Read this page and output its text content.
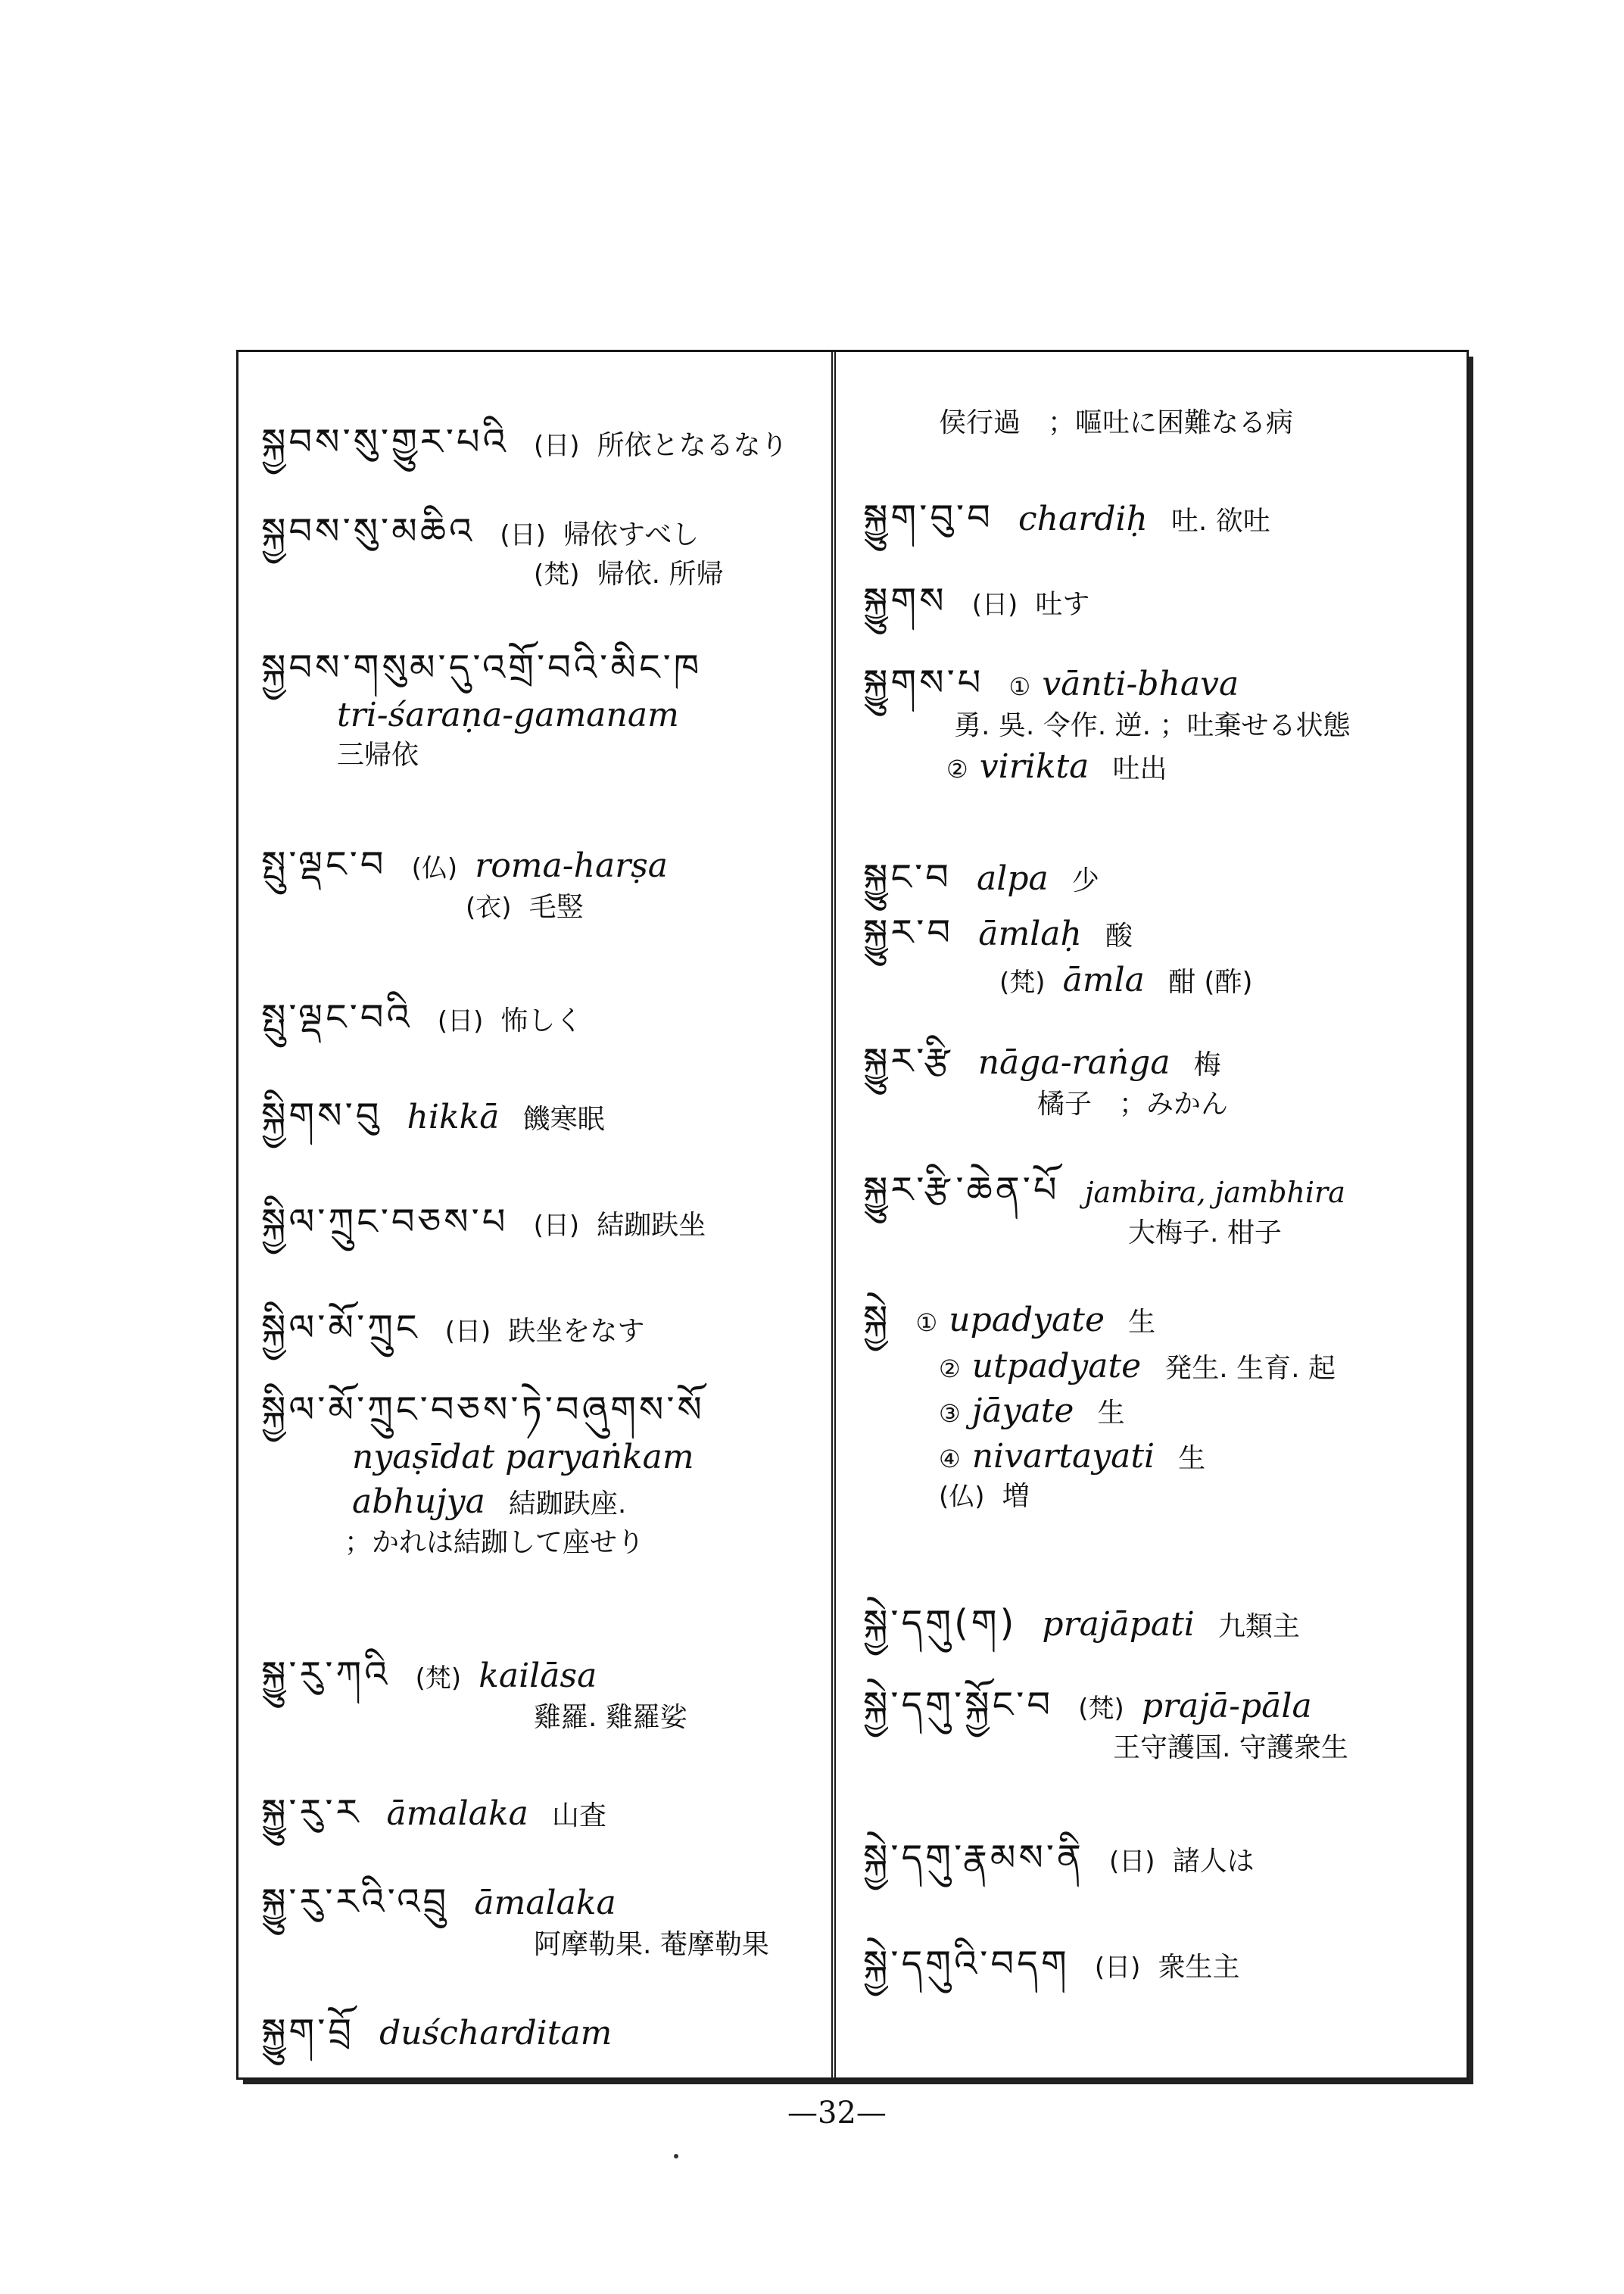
སྐྱབས་སུ་གྱུར་པའི (日) 所依となるなり
སྐྱབས་སུ་མཆིའ (日) 帰依すべし
(梵) 帰依. 所帰
སྐྱབས་གསུམ་དུ་འགྲོ་བའི་མིང་ཁ
tri-śaraṇa-gamanam
三帰依
སྤུ་ལྡང་བ (仏) roma-harṣa
(衣) 毛竪
སྤུ་ལྡང་བའི (日) 怖しく
སྐྱིགས་བུ hikkā 饑寒眠
སྐྱིལ་ཀྲུང་བཅས་པ (日) 結跏趺坐
སྐྱིལ་མོ་ཀྲུང (日) 趺坐をなす
སྐྱིལ་མོ་ཀྲུང་བཅས་ཏེ་བཞུགས་སོ
nyaṣīdat paryaṅkam
abhujya 結跏趺座.
；かれは結跏して座せり
སྐྱུ་རུ་ཀའི (梵) kailāsa
雞羅. 雞羅娑
སྐྱུ་རུ་ར āmalaka 山査
སྐྱུ་རུ་རའི་འབྲུ āmalaka
阿摩勒果. 菴摩勒果
སྐྱུག་བྲོ duścharditam
侯行過　；嘔吐に困難なる病
སྐྱུག་བུ་བ chardiḥ 吐. 欲吐
སྐྱུགས (日) 吐す
སྐྱུགས་པ ① vānti-bhava
勇. 吳. 令作. 逆. ；吐棄せる状態
② virikta 吐出
སྐྱུང་བ alpa 少
སྐྱུར་བ āmlaḥ 酸
(梵) āmla 酣 (酢)
སྐྱུར་རྩི nāga-raṅga 梅
橘子　；みかん
སྐྱུར་རྩི་ཆེན་པོ jambira, jambhira
大梅子. 柑子
སྐྱེ ① upadyate 生
② utpadyate 発生. 生育. 起
③ jāyate 生
④ nivartayati 生
(仏) 増
སྐྱེ་དགུ(ག) prajāpati 九類主
སྐྱེ་དགུ་སྐྱོང་བ (梵) prajā-pāla
王守護国. 守護衆生
སྐྱེ་དགུ་རྣམས་ནི (日) 諸人は
སྐྱེ་དགུའི་བདག (日) 衆生主
—32—
